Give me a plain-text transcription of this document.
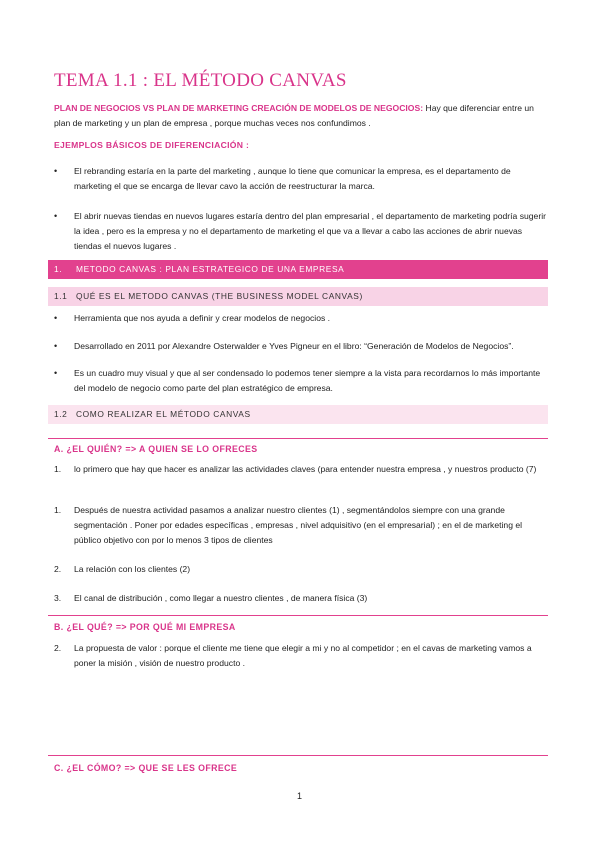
TEMA 1.1 : EL MÉTODO CANVAS
PLAN DE NEGOCIOS VS PLAN DE MARKETING CREACIÓN DE MODELOS DE NEGOCIOS: Hay que diferenciar entre un plan de marketing y un plan de empresa , porque muchas veces nos confundimos .
EJEMPLOS BÁSICOS DE DIFERENCIACIÓN :
• El rebranding estaría en la parte del marketing , aunque lo tiene que comunicar la empresa, es el departamento de marketing el que se encarga de llevar cavo la acción de reestructurar la marca.
• El abrir nuevas tiendas en nuevos lugares estaría dentro del plan empresarial , el departamento de marketing podría sugerir la idea , pero es la empresa y no el departamento de marketing el que va a llevar a cabo las acciones de abrir nuevas tiendas el nuevos lugares .
1. METODO CANVAS : PLAN ESTRATEGICO DE UNA EMPRESA
1.1 QUÉ ES EL METODO CANVAS (THE BUSINESS MODEL CANVAS)
• Herramienta que nos ayuda a definir y crear modelos de negocios .
• Desarrollado en 2011 por Alexandre Osterwalder e Yves Pigneur en el libro: “Generación de Modelos de Negocios”.
• Es un cuadro muy visual y que al ser condensado lo podemos tener siempre a la vista para recordarnos lo más importante del modelo de negocio como parte del plan estratégico de empresa.
1.2 COMO REALIZAR EL MÉTODO CANVAS
A. ¿EL QUIÉN? => A QUIEN SE LO OFRECES
1. lo primero que hay que hacer es analizar las actividades claves (para entender nuestra empresa , y nuestros producto (7)
1. Después de nuestra actividad pasamos a analizar nuestro clientes (1) , segmentándolos siempre con una grande segmentación . Poner por edades específicas , empresas , nivel adquisitivo (en el empresarial) ; en el de marketing el público objetivo con por lo menos 3 tipos de clientes
2. La relación con los clientes (2)
3. El canal de distribución , como llegar a nuestro clientes , de manera física (3)
B. ¿EL QUÉ? => POR QUÉ MI EMPRESA
2. La propuesta de valor : porque el cliente me tiene que elegir a mi y no al competidor ; en el cavas de marketing vamos a poner la misión , visión de nuestro producto .
C. ¿EL CÓMO? => QUE SE LES OFRECE
1
